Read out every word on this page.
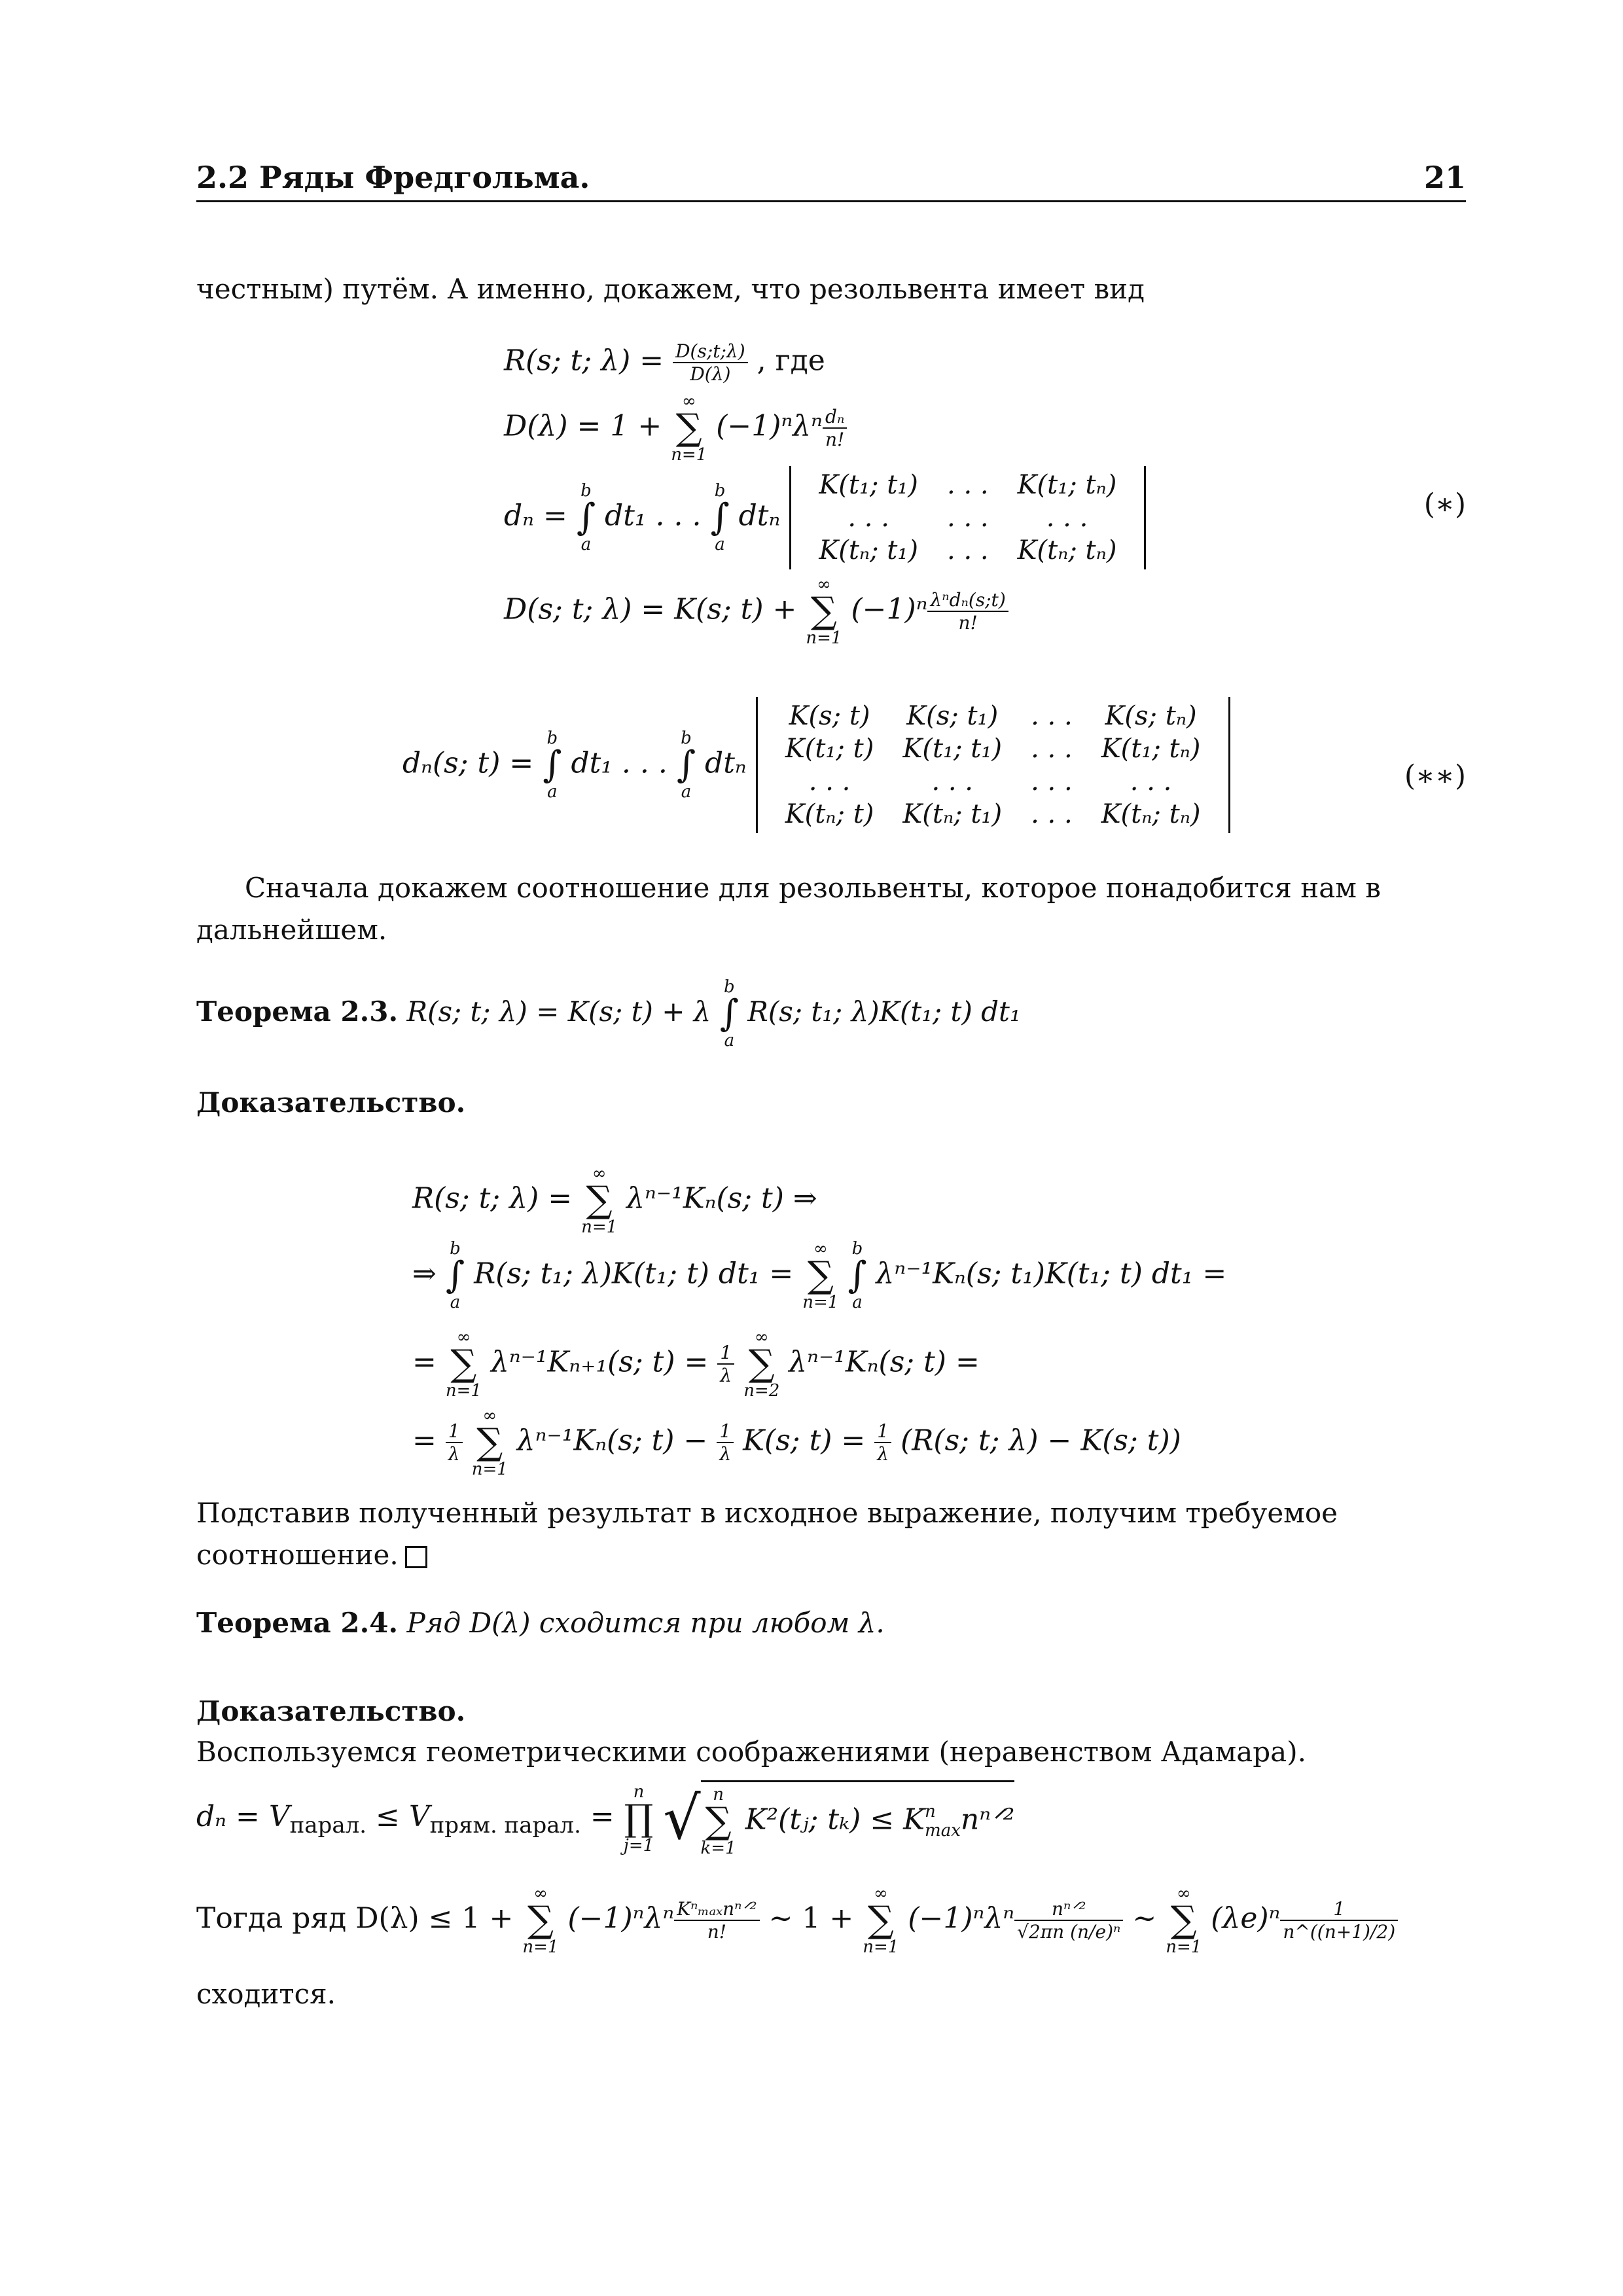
2.2 Ряды Фредгольма.	21
честным) путём. А именно, докажем, что резольвента имеет вид
R(s; t; $\lambda) = \frac{D(s;t;\lambda)}{D(\lambda)}$ , где
D(λ) = 1 +
∞
∑
n=1
$(-1)^n\lambda^n \frac{\text{dₙ}}{n!}$
dₙ =
b
∫
a
dt₁ . . .
b
∫
a
dtₙ
K(t₁; t₁)	. . .	K(t₁; tₙ)
. . .	. . .	. . .
K(tₙ; t₁)	. . .	K(tₙ; tₙ)
(∗)
D(s; t; λ) = K(s; t) +
∞
∑
n=1
$(-1)^n \frac{\text{λⁿdₙ(s;t)}}{n!}$
dₙ(s; t) =
b
∫
a
dt₁ . . .
b
∫
a
dtₙ
K(s; t)	K(s; t₁)	. . .	K(s; tₙ)
K(t₁; t)	K(t₁; t₁)	. . .	K(t₁; tₙ)
. . .	. . .	. . .	. . .
K(tₙ; t)	K(tₙ; t₁)	. . .	K(tₙ; tₙ)
(∗∗)
Сначала докажем соотношение для резольвенты, которое понадобится нам в дальнейшем.
Теорема 2.3. R(s; t; λ) = K(s; t) + λ
b
∫
a
R(s; t₁; λ)K(t₁; t) dt₁
Доказательство.
R(s; t; λ) =
∞
∑
n=1
λⁿ⁻¹Kₙ(s; t) ⇒
⇒
b
∫
a
R(s; t₁; λ)K(t₁; t) dt₁ =
∞
∑
n=1

b
∫
a
λⁿ⁻¹Kₙ(s; t₁)K(t₁; t) dt₁ =
=
∞
∑
n=1
λⁿ⁻¹Kₙ₊₁(s; $t) = \frac{1}{\lambda}$

∞
∑
n=2
λⁿ⁻¹Kₙ(s; t) =
= $\frac{1}{\lambda}$

∞
∑
n=1
λⁿ⁻¹Kₙ(s; $t) - \frac{1}{\lambda} K(s$; $t) = \frac{1}{\lambda} (R(s$; t; λ) − K(s; t))
Подставив полученный результат в исходное выражение, получим требуемое соотношение.
Теорема 2.4. Ряд D(λ) сходится при любом λ.
Доказательство.
Воспользуемся геометрическими соображениями (неравенством Адамара).
$d_n = V_{парал.} \le V_{прям. парал.}$ =
n
∏
j=1 √ n
∑
k=1
K²(tⱼ; tₖ) ≤ K n
max nⁿᐟ²
Тогда ряд D(λ) ≤ 1 +
∞
∑
n=1
$(-1)^n\lambda^n \frac{\text{Kⁿₘₐₓnⁿᐟ²}}{n!}$ ∼ 1 +
∞
∑
n=1
$(-1)^n\lambda^n \frac{\text{nⁿᐟ²}}{\text{√2πn (n/e)ⁿ}}$ ∼
∞
∑
n=1
$(\lambda e)^n \frac{1}{n\^{}((n+1)/2)}$
сходится.
